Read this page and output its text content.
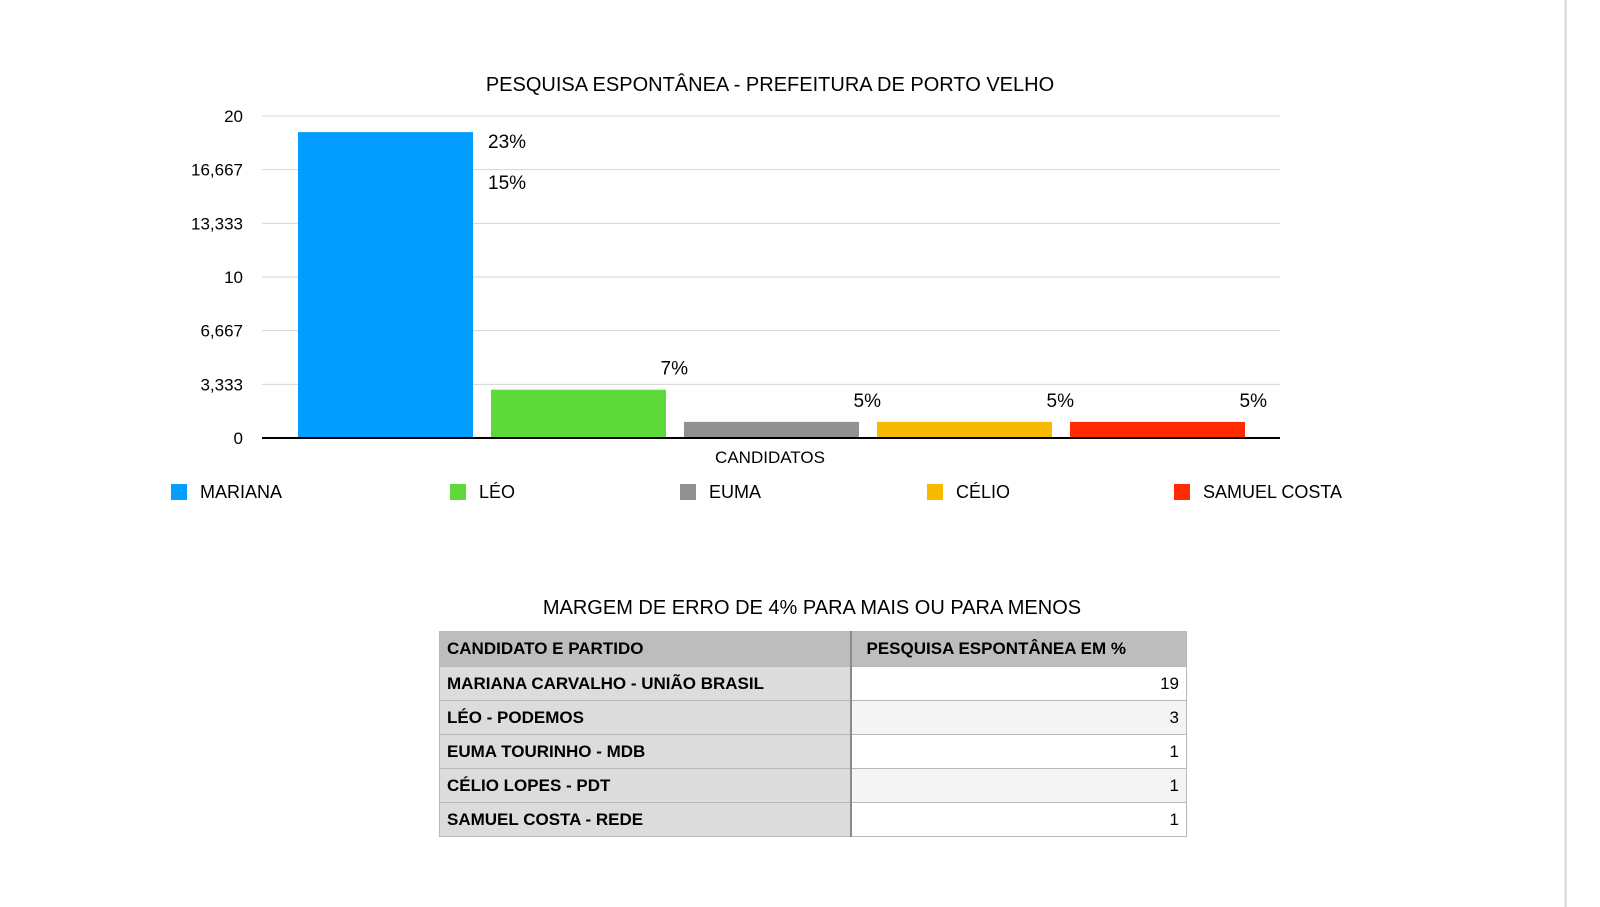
PESQUISA ESPONTÂNEA - PREFEITURA DE PORTO VELHO
0
3,333
6,667
10
13,333
16,667
20
23%
15%
7%
5%	5%	5%
CANDIDATOS
MARIANA	LÉO	EUMA	CÉLIO	SAMUEL COSTA
MARGEM DE ERRO DE 4% PARA MAIS OU PARA MENOS
CANDIDATO E PARTIDO	PESQUISA ESPONTÂNEA EM %
MARIANA CARVALHO - UNIÃO BRASIL	19
LÉO - PODEMOS	3
EUMA TOURINHO - MDB	1
CÉLIO LOPES - PDT	1
SAMUEL COSTA - REDE	1
